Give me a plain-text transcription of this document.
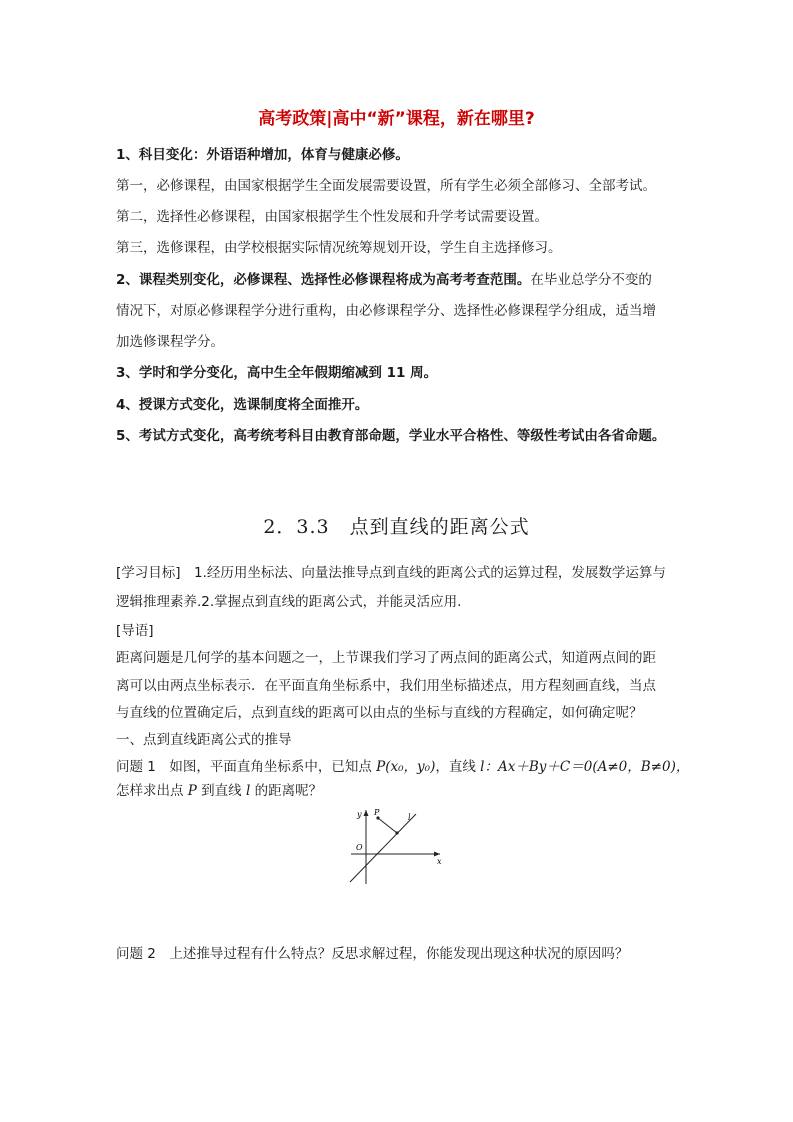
高考政策|高中“新”课程，新在哪里?
1、科目变化：外语语种增加，体育与健康必修。
第一，必修课程，由国家根据学生全面发展需要设置，所有学生必须全部修习、全部考试。
第二，选择性必修课程，由国家根据学生个性发展和升学考试需要设置。
第三，选修课程，由学校根据实际情况统筹规划开设，学生自主选择修习。
2、课程类别变化，必修课程、选择性必修课程将成为高考考查范围。在毕业总学分不变的
情况下，对原必修课程学分进行重构，由必修课程学分、选择性必修课程学分组成，适当增
加选修课程学分。
3、学时和学分变化，高中生全年假期缩减到 11 周。
4、授课方式变化，选课制度将全面推开。
5、考试方式变化，高考统考科目由教育部命题，学业水平合格性、等级性考试由各省命题。
2．3.3　点到直线的距离公式
[学习目标]　1.经历用坐标法、向量法推导点到直线的距离公式的运算过程，发展数学运算与
逻辑推理素养.2.掌握点到直线的距离公式，并能灵活应用.
[导语]
距离问题是几何学的基本问题之一，上节课我们学习了两点间的距离公式，知道两点间的距
离可以由两点坐标表示．在平面直角坐标系中，我们用坐标描述点，用方程刻画直线，当点
与直线的位置确定后，点到直线的距离可以由点的坐标与直线的方程确定，如何确定呢？
一、点到直线距离公式的推导
问题 1　如图，平面直角坐标系中，已知点 P(x₀，y₀)，直线 l：Ax＋By＋C＝0(A≠0，B≠0)，
怎样求出点 P 到直线 l 的距离呢？
y
x
O
P
l
问题 2　上述推导过程有什么特点？反思求解过程，你能发现出现这种状况的原因吗？
